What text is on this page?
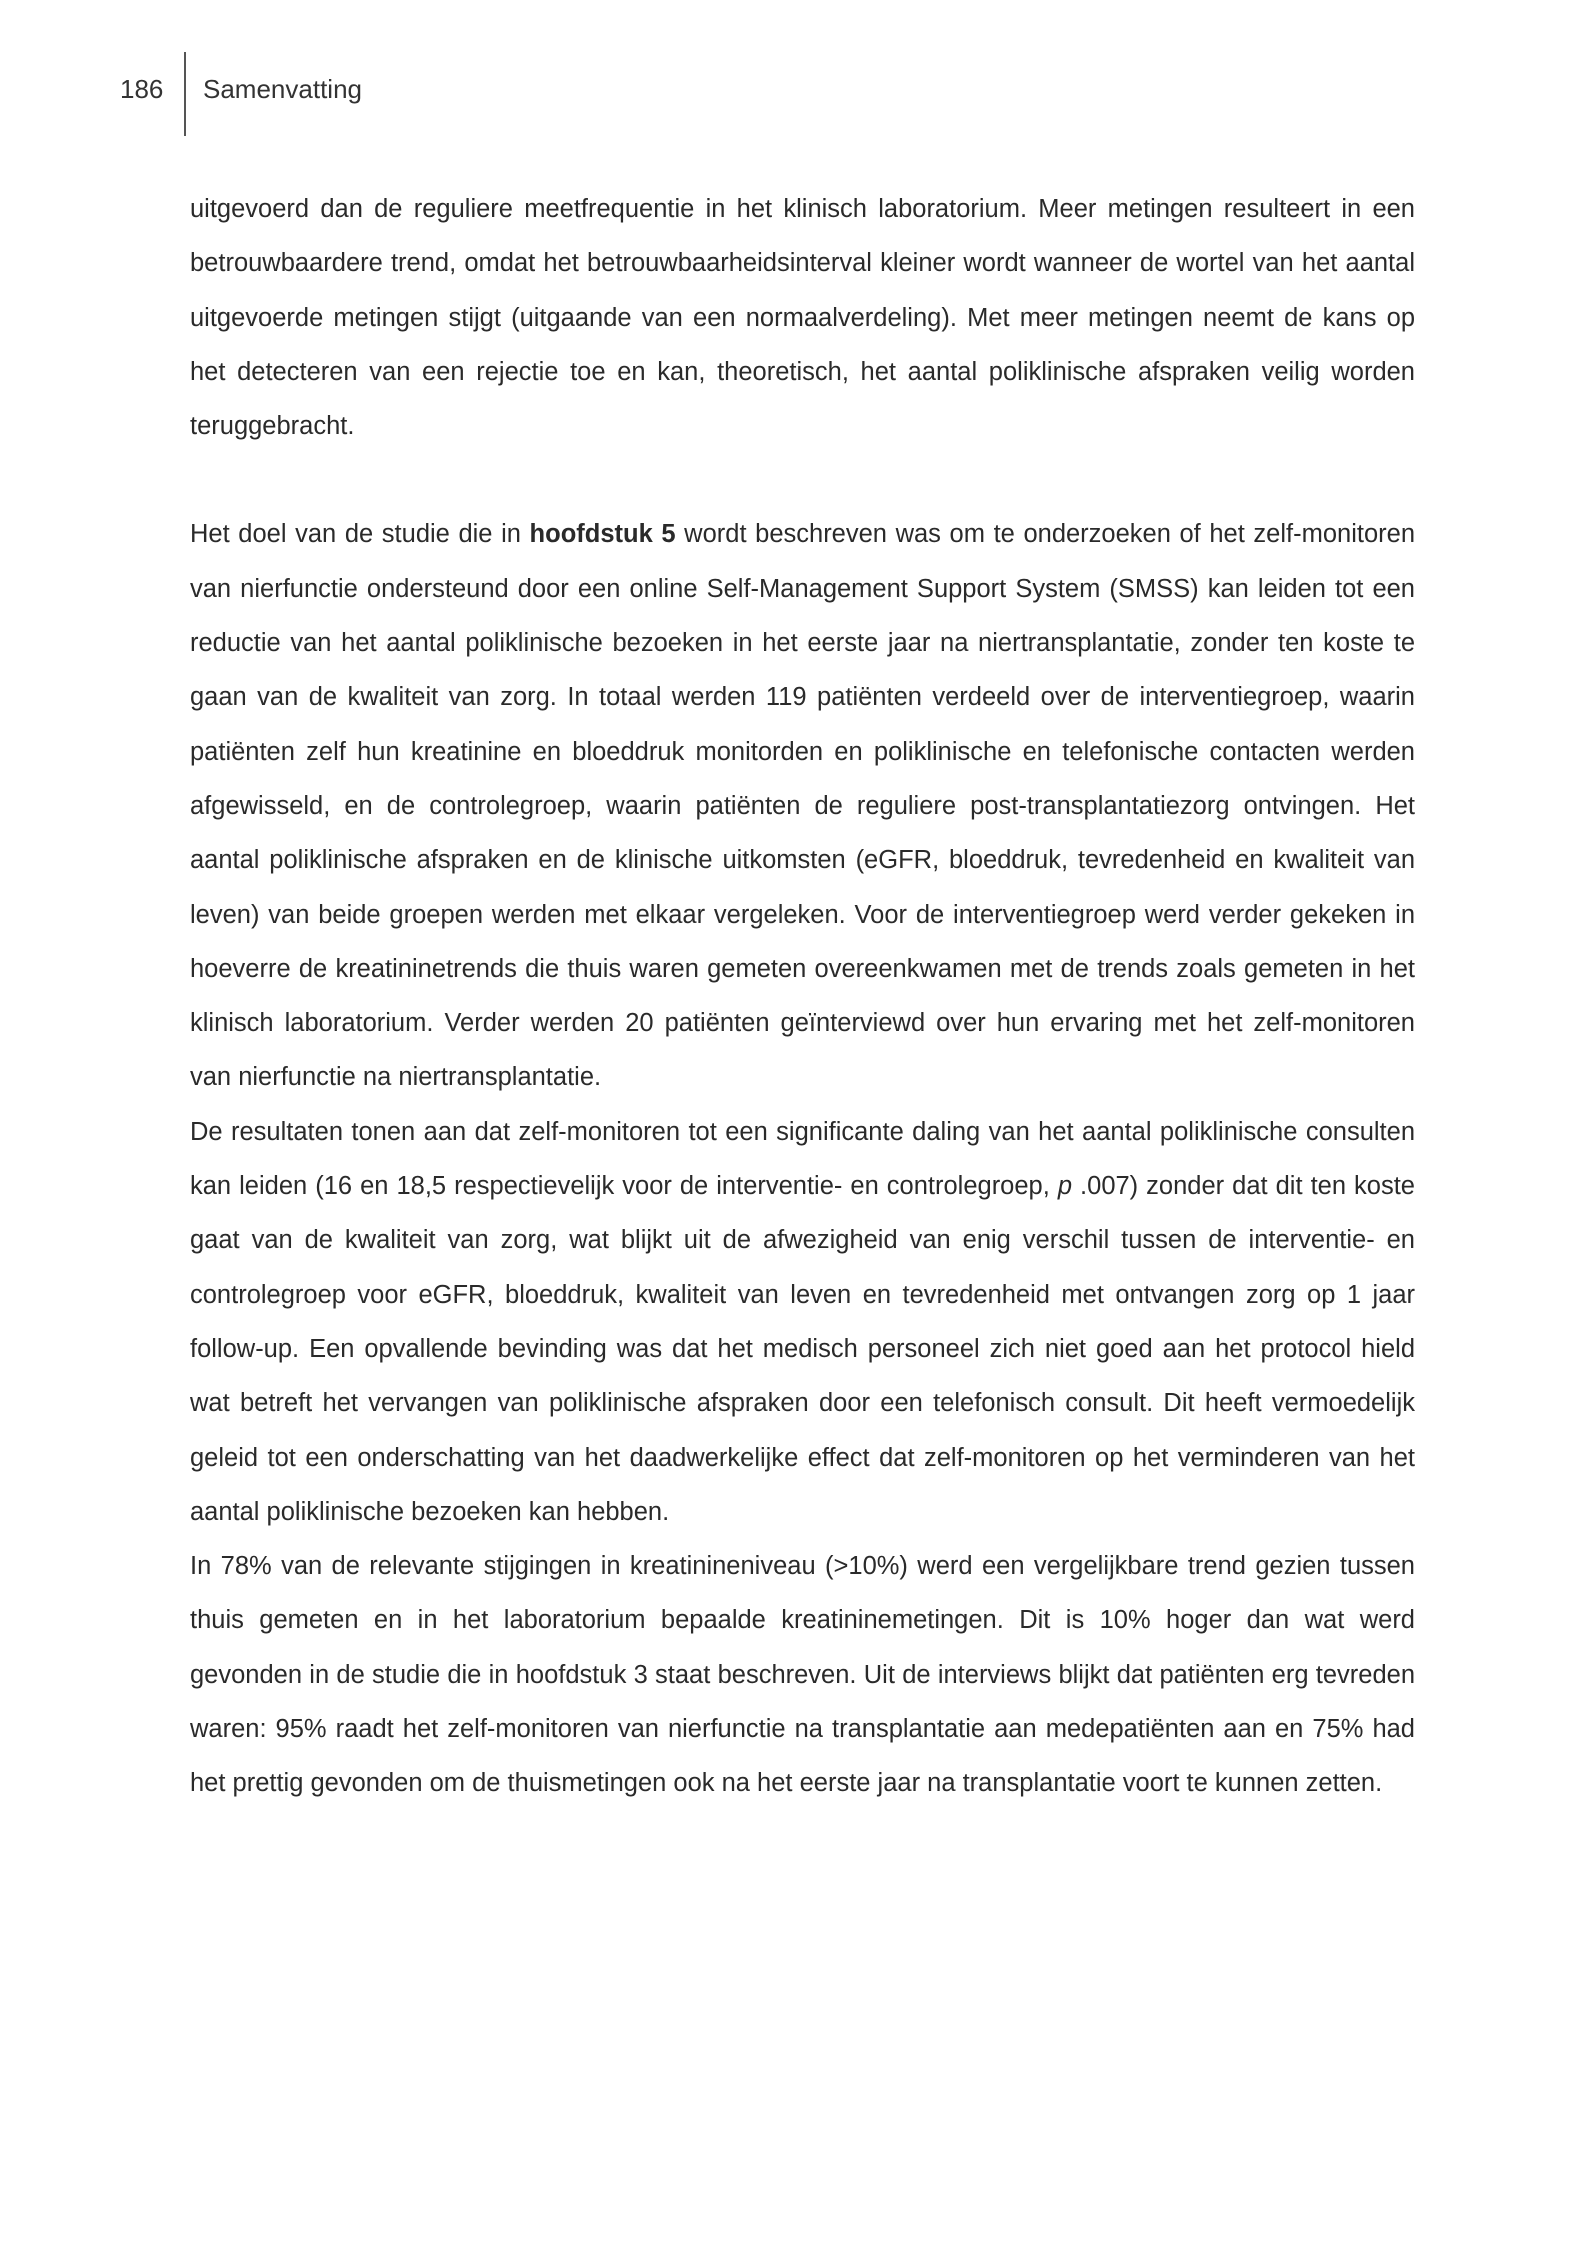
186 Samenvatting

uitgevoerd dan de reguliere meetfrequentie in het klinisch laboratorium. Meer metingen resulteert in een betrouwbaardere trend, omdat het betrouwbaarheidsinterval kleiner wordt wanneer de wortel van het aantal uitgevoerde metingen stijgt (uitgaande van een normaalverdeling). Met meer metingen neemt de kans op het detecteren van een rejectie toe en kan, theoretisch, het aantal poliklinische afspraken veilig worden teruggebracht.

Het doel van de studie die in hoofdstuk 5 wordt beschreven was om te onderzoeken of het zelf-monitoren van nierfunctie ondersteund door een online Self-Management Support System (SMSS) kan leiden tot een reductie van het aantal poliklinische bezoeken in het eerste jaar na niertransplantatie, zonder ten koste te gaan van de kwaliteit van zorg. In totaal werden 119 patiënten verdeeld over de interventiegroep, waarin patiënten zelf hun kreatinine en bloeddruk monitorden en poliklinische en telefonische contacten werden afgewisseld, en de controlegroep, waarin patiënten de reguliere post-transplantatiezorg ontvingen. Het aantal poliklinische afspraken en de klinische uitkomsten (eGFR, bloeddruk, tevredenheid en kwaliteit van leven) van beide groepen werden met elkaar vergeleken. Voor de interventiegroep werd verder gekeken in hoeverre de kreatininetrends die thuis waren gemeten overeenkwamen met de trends zoals gemeten in het klinisch laboratorium. Verder werden 20 patiënten geïnterviewd over hun ervaring met het zelf-monitoren van nierfunctie na niertransplantatie.

De resultaten tonen aan dat zelf-monitoren tot een significante daling van het aantal poliklinische consulten kan leiden (16 en 18,5 respectievelijk voor de interventie- en controlegroep, p .007) zonder dat dit ten koste gaat van de kwaliteit van zorg, wat blijkt uit de afwezigheid van enig verschil tussen de interventie- en controlegroep voor eGFR, bloeddruk, kwaliteit van leven en tevredenheid met ontvangen zorg op 1 jaar follow-up. Een opvallende bevinding was dat het medisch personeel zich niet goed aan het protocol hield wat betreft het vervangen van poliklinische afspraken door een telefonisch consult. Dit heeft vermoedelijk geleid tot een onderschatting van het daadwerkelijke effect dat zelf-monitoren op het verminderen van het aantal poliklinische bezoeken kan hebben.

In 78% van de relevante stijgingen in kreatinineniveau (>10%) werd een vergelijkbare trend gezien tussen thuis gemeten en in het laboratorium bepaalde kreatininemetingen. Dit is 10% hoger dan wat werd gevonden in de studie die in hoofdstuk 3 staat beschreven. Uit de interviews blijkt dat patiënten erg tevreden waren: 95% raadt het zelf-monitoren van nierfunctie na transplantatie aan medepatiënten aan en 75% had het prettig gevonden om de thuismetingen ook na het eerste jaar na transplantatie voort te kunnen zetten.
